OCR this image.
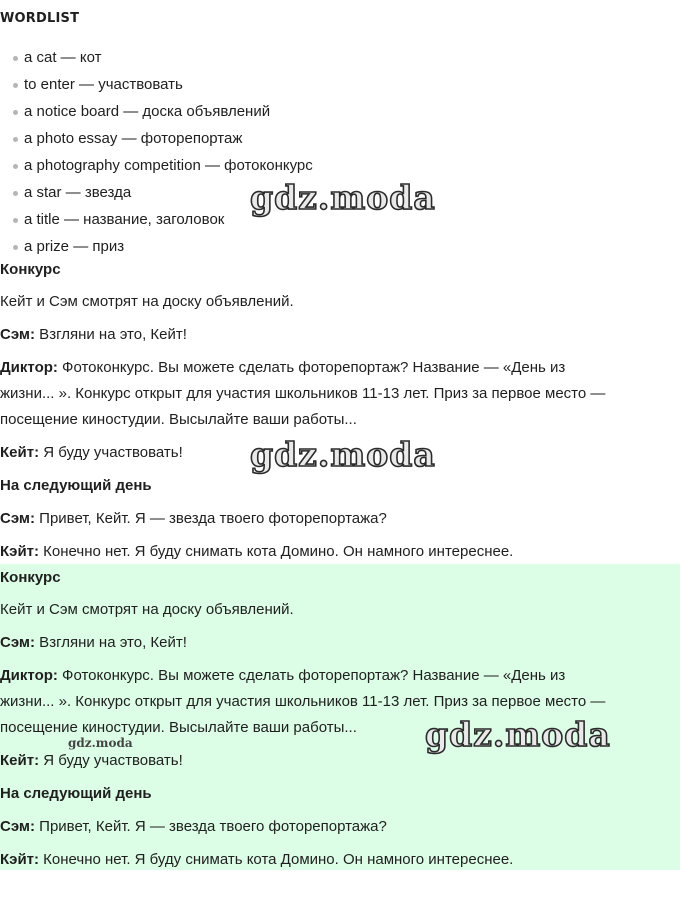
WORDLIST
a cat — кот
to enter — участвовать
a notice board — доска объявлений
a photo essay — фоторепортаж
a photography competition — фотоконкурс
a star — звезда
a title — название, заголовок
a prize — приз
Конкурс
Кейт и Сэм смотрят на доску объявлений.
Сэм: Взгляни на это, Кейт!
Диктор: Фотоконкурс. Вы можете сделать фоторепортаж? Название — «День из
жизни... ». Конкурс открыт для участия школьников 11-13 лет. Приз за первое место —
посещение киностудии. Высылайте ваши работы...
Кейт: Я буду участвовать!
На следующий день
Сэм: Привет, Кейт. Я — звезда твоего фоторепортажа?
Кэйт: Конечно нет. Я буду снимать кота Домино. Он намного интереснее.
Конкурс
Кейт и Сэм смотрят на доску объявлений.
Сэм: Взгляни на это, Кейт!
Диктор: Фотоконкурс. Вы можете сделать фоторепортаж? Название — «День из
жизни... ». Конкурс открыт для участия школьников 11-13 лет. Приз за первое место —
посещение киностудии. Высылайте ваши работы...
Кейт: Я буду участвовать!
На следующий день
Сэм: Привет, Кейт. Я — звезда твоего фоторепортажа?
Кэйт: Конечно нет. Я буду снимать кота Домино. Он намного интереснее.
gdz.moda
gdz.moda
gdz.moda
gdz.moda
